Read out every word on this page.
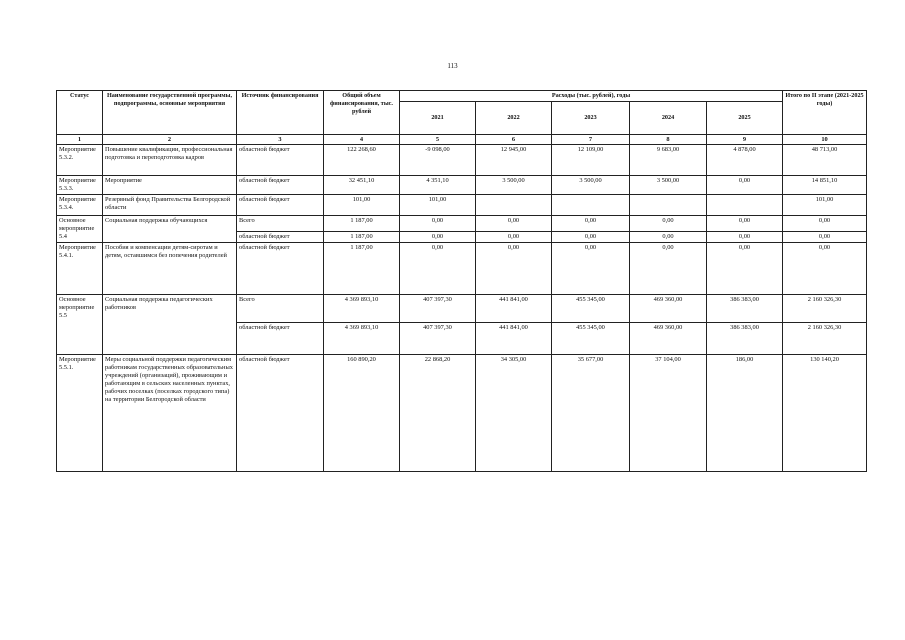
113
Статус	Наименование государственной программы, подпрограммы, основные мероприятия	Источник финансирования	Общий объем финансирования, тыс. рублей	Расходы (тыс. рублей), годы					Итого по II этапе (2021-2025 годы)
				2021	2022	2023	2024	2025	
1	2	3	4	5	6	7	8	9	10
Мероприятие 5.3.2.	Повышение квалификации, профессиональная подготовка и переподготовка кадров	областной бюджет	122 268,60	-9 098,00	12 945,00	12 109,00	9 683,00	4 878,00	48 713,00
Мероприятие 5.3.3.	Мероприятие	областной бюджет	32 451,10	4 351,10	3 500,00	3 500,00	3 500,00	0,00	14 851,10
Мероприятие 5.3.4.	Резервный фонд Правительства Белгородской области	областной бюджет	101,00	101,00					101,00
Основное мероприятие 5.4	Социальная поддержка обучающихся	Всего	1 187,00	0,00	0,00	0,00	0,00	0,00	0,00
		областной бюджет	1 187,00	0,00	0,00	0,00	0,00	0,00	0,00
Мероприятие 5.4.1.	Пособия и компенсации детям-сиротам и детям, оставшимся без попечения родителей	областной бюджет	1 187,00	0,00	0,00	0,00	0,00	0,00	0,00
Основное мероприятие 5.5	Социальная поддержка педагогических работников	Всего	4 369 893,10	407 397,30	441 841,00	455 345,00	469 360,00	386 383,00	2 160 326,30
		областной бюджет	4 369 893,10	407 397,30	441 841,00	455 345,00	469 360,00	386 383,00	2 160 326,30
Мероприятие 5.5.1.	Меры социальной поддержки педагогическим работникам государственных образовательных учреждений (организаций), проживающим и работающим в сельских населенных пунктах, рабочих поселках (поселках городского типа) на территории Белгородской области	областной бюджет	160 890,20	22 868,20	34 305,00	35 677,00	37 104,00	186,00	130 140,20
